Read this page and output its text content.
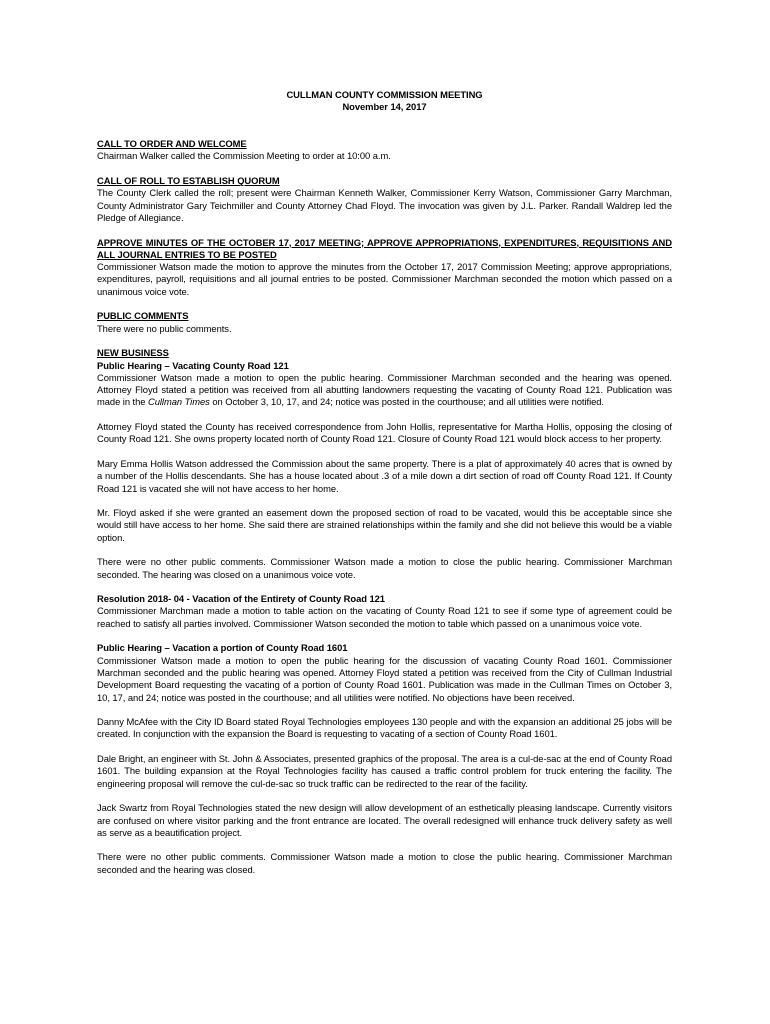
CULLMAN COUNTY COMMISSION MEETING

November 14, 2017

CALL TO ORDER AND WELCOME

Chairman Walker called the Commission Meeting to order at 10:00 a.m.

CALL OF ROLL TO ESTABLISH QUORUM

The County Clerk called the roll; present were Chairman Kenneth Walker, Commissioner Kerry Watson, Commissioner Garry Marchman, County Administrator Gary Teichmiller and County Attorney Chad Floyd. The invocation was given by J.L. Parker. Randall Waldrep led the Pledge of Allegiance.

APPROVE MINUTES OF THE OCTOBER 17, 2017 MEETING; APPROVE APPROPRIATIONS, EXPENDITURES, REQUISITIONS AND ALL JOURNAL ENTRIES TO BE POSTED

Commissioner Watson made the motion to approve the minutes from the October 17, 2017 Commission Meeting; approve appropriations, expenditures, payroll, requisitions and all journal entries to be posted. Commissioner Marchman seconded the motion which passed on a unanimous voice vote.

PUBLIC COMMENTS

There were no public comments.

NEW BUSINESS

Public Hearing – Vacating County Road 121

Commissioner Watson made a motion to open the public hearing. Commissioner Marchman seconded and the hearing was opened. Attorney Floyd stated a petition was received from all abutting landowners requesting the vacating of County Road 121. Publication was made in the Cullman Times on October 3, 10, 17, and 24; notice was posted in the courthouse; and all utilities were notified.

Attorney Floyd stated the County has received correspondence from John Hollis, representative for Martha Hollis, opposing the closing of County Road 121. She owns property located north of County Road 121. Closure of County Road 121 would block access to her property.

Mary Emma Hollis Watson addressed the Commission about the same property. There is a plat of approximately 40 acres that is owned by a number of the Hollis descendants. She has a house located about .3 of a mile down a dirt section of road off County Road 121. If County Road 121 is vacated she will not have access to her home.

Mr. Floyd asked if she were granted an easement down the proposed section of road to be vacated, would this be acceptable since she would still have access to her home. She said there are strained relationships within the family and she did not believe this would be a viable option.

There were no other public comments. Commissioner Watson made a motion to close the public hearing. Commissioner Marchman seconded. The hearing was closed on a unanimous voice vote.

Resolution 2018- 04 - Vacation of the Entirety of County Road 121

Commissioner Marchman made a motion to table action on the vacating of County Road 121 to see if some type of agreement could be reached to satisfy all parties involved. Commissioner Watson seconded the motion to table which passed on a unanimous voice vote.

Public Hearing – Vacation a portion of County Road 1601

Commissioner Watson made a motion to open the public hearing for the discussion of vacating County Road 1601. Commissioner Marchman seconded and the public hearing was opened. Attorney Floyd stated a petition was received from the City of Cullman Industrial Development Board requesting the vacating of a portion of County Road 1601. Publication was made in the Cullman Times on October 3, 10, 17, and 24; notice was posted in the courthouse; and all utilities were notified. No objections have been received.

Danny McAfee with the City ID Board stated Royal Technologies employees 130 people and with the expansion an additional 25 jobs will be created. In conjunction with the expansion the Board is requesting to vacating of a section of County Road 1601.

Dale Bright, an engineer with St. John & Associates, presented graphics of the proposal. The area is a cul-de-sac at the end of County Road 1601. The building expansion at the Royal Technologies facility has caused a traffic control problem for truck entering the facility. The engineering proposal will remove the cul-de-sac so truck traffic can be redirected to the rear of the facility.

Jack Swartz from Royal Technologies stated the new design will allow development of an esthetically pleasing landscape. Currently visitors are confused on where visitor parking and the front entrance are located. The overall redesigned will enhance truck delivery safety as well as serve as a beautification project.

There were no other public comments. Commissioner Watson made a motion to close the public hearing. Commissioner Marchman seconded and the hearing was closed.
